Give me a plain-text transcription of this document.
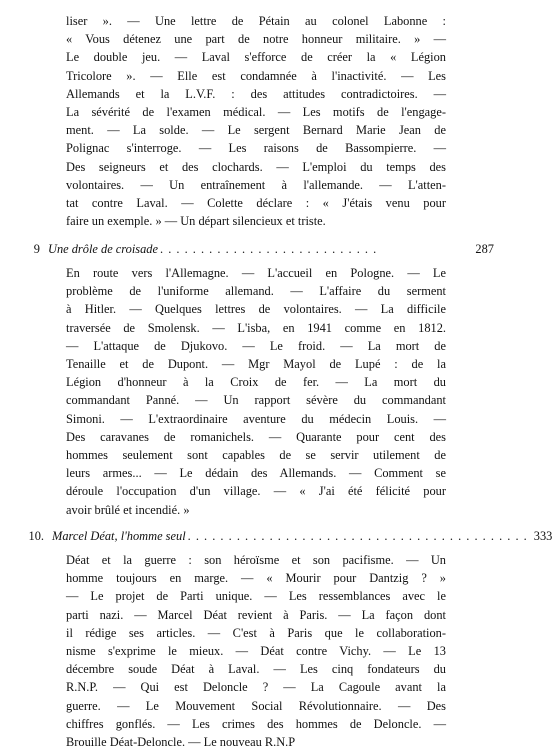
liser ». — Une lettre de Pétain au colonel Labonne :
« Vous détenez une part de notre honneur militaire. » —
Le double jeu. — Laval s'efforce de créer la « Légion
Tricolore ». — Elle est condamnée à l'inactivité. — Les
Allemands et la L.V.F. : des attitudes contradictoires. —
La sévérité de l'examen médical. — Les motifs de l'engage-
ment. — La solde. — Le sergent Bernard Marie Jean de
Polignac s'interroge. — Les raisons de Bassompierre. —
Des seigneurs et des clochards. — L'emploi du temps des
volontaires. — Un entraînement à l'allemande. — L'atten-
tat contre Laval. — Colette déclare : « J'étais venu pour
faire un exemple. » — Un départ silencieux et triste.
9 Une drôle de croisade . . . . . . . . . . . . . . . . . . . . . . . . . . .	287
En route vers l'Allemagne. — L'accueil en Pologne. — Le
problème de l'uniforme allemand. — L'affaire du serment
à Hitler. — Quelques lettres de volontaires. — La difficile
traversée de Smolensk. — L'isba, en 1941 comme en 1812.
— L'attaque de Djukovo. — Le froid. — La mort de
Tenaille et de Dupont. — Mgr Mayol de Lupé : de la
Légion d'honneur à la Croix de fer. — La mort du
commandant Panné. — Un rapport sévère du commandant
Simoni. — L'extraordinaire aventure du médecin Louis. —
Des caravanes de romanichels. — Quarante pour cent des
hommes seulement sont capables de se servir utilement de
leurs armes... — Le dédain des Allemands. — Comment se
déroule l'occupation d'un village. — « J'ai été félicité pour
avoir brûlé et incendié. »
10. Marcel Déat, l'homme seul . . . . . . . . . . . . . . . . . . . . . . . . . . . . . . . . . . . . . . . . . . 333
Déat et la guerre : son héroïsme et son pacifisme. — Un
homme toujours en marge. — « Mourir pour Dantzig ? »
— Le projet de Parti unique. — Les ressemblances avec le
parti nazi. — Marcel Déat revient à Paris. — La façon dont
il rédige ses articles. — C'est à Paris que le collaboration-
nisme s'exprime le mieux. — Déat contre Vichy. — Le 13
décembre soude Déat à Laval. — Les cinq fondateurs du
R.N.P. — Qui est Deloncle ? — La Cagoule avant la
guerre. — Le Mouvement Social Révolutionnaire. — Des
chiffres gonflés. — Les crimes des hommes de Deloncle. —
Brouille Déat-Deloncle. — Le nouveau R.N.P
